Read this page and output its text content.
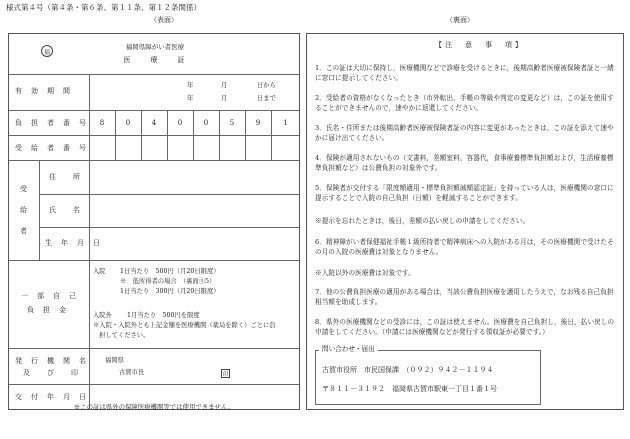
様式第４号（第４条・第６条、第１１条、第１２条関係）
（表面）	（裏面）
福
福岡県障がい者医療
医　　療　　証
有　効　期　間
年	月	日から
年	月	日まで
負　担　者　番　号	8	0	4	0	0	5	9	1
受　給　者　番　号
受
給
者
住　　所
氏　　名
生　年　月　日
一　部　自　己
負　担　金
入院 1日当たり　500円（月20日限度）
※　低所得者の場合　（裏面⑤5）
1日当たり　300円（月20日限度）
入院外 1月当たり　500円を限度
※入院・入院外とも上記金額を医療機関（薬局を除く）ごとに負
担してください。
発　行　機　関　名
及　　び　　印
福岡県
古賀市長	印
交　付　年　月　日
※この証は県外の保険医療機関等では使用できません。
【注　意　事　項】
1．この証は大切に保持し，医療機関などで診療を受けるときに，後期高齢者医療被保険者証と一緒に窓口に提示してください。
2．受給者の資格がなくなったとき（市外転出，手帳の等級や判定の変更など）は，この証を使用することができませんので，速やかに返還してください。
3．氏名・住所または後期高齢者医療被保険者証の内容に変更があったときは，この証を添えて速やかに届け出てください。
4．保険が適用されないもの（文書料，差額室料，容器代，食事療養標準負担額および，生活療養標準負担額など）は公費負担の対象外です。
5．保険者が交付する「限度額適用・標準負担額減額認定証」を持っている人は，医療機関の窓口に提示することで入院の自己負担（日額）を軽減することができます。
※提示を忘れたときは，後日，差額の払い戻しの申請をしてください。
6．精神障がい者保健福祉手帳１級所持者で精神病床への入院がある月は，その医療機関で受けたその月の入院の医療費は対象となりません。
※入院以外の医療費は対象です。
7．他の公費負担医療の適用がある場合は，当該公費負担医療を適用したうえで，なお残る自己負担相当額を助成します。
8．県外の医療機関などの受診には，この証は使えません。医療費を自己負担し，後日，払い戻しの申請をしてください。（申請には医療機関などが発行する領収証が必要です。）
古賀市役所　市民国保課　（０９２）９４２－１１９４
〒８１１－３１９２　福岡県古賀市駅東一丁目１番１号
問い合わせ・届出
